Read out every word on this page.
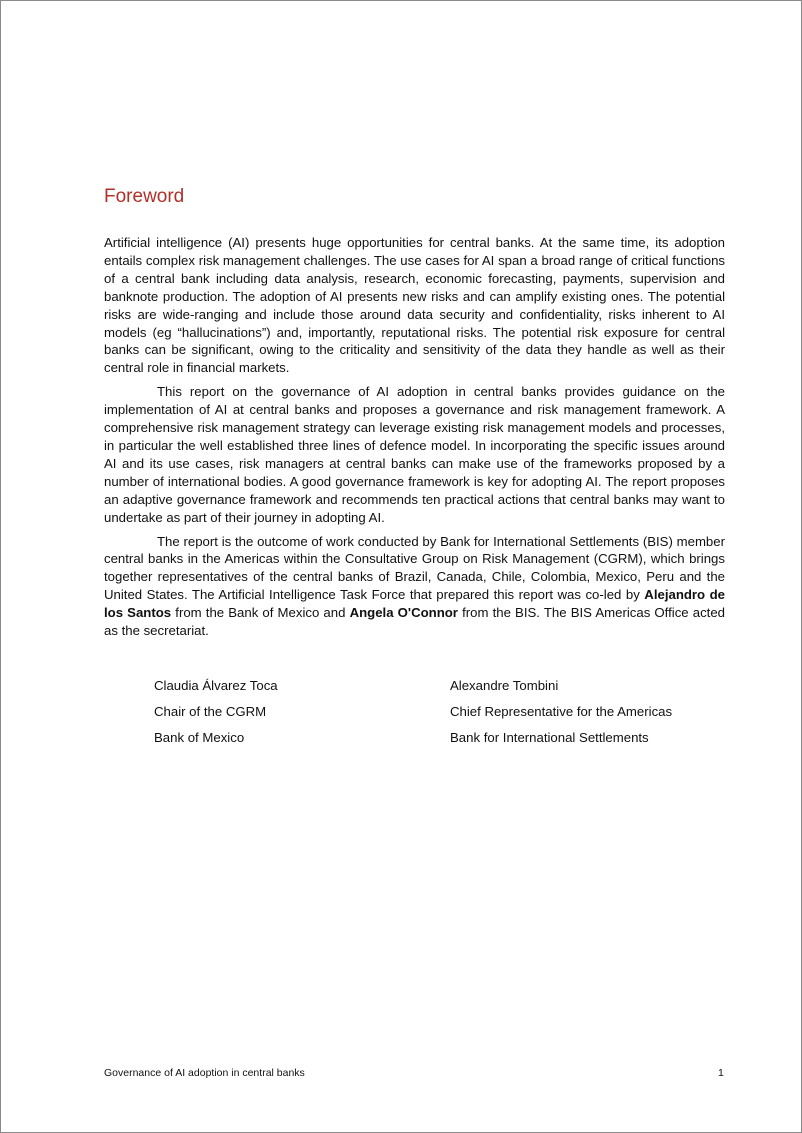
Foreword

Artificial intelligence (AI) presents huge opportunities for central banks. At the same time, its adoption entails complex risk management challenges. The use cases for AI span a broad range of critical functions of a central bank including data analysis, research, economic forecasting, payments, supervision and banknote production. The adoption of AI presents new risks and can amplify existing ones. The potential risks are wide-ranging and include those around data security and confidentiality, risks inherent to AI models (eg “hallucinations”) and, importantly, reputational risks. The potential risk exposure for central banks can be significant, owing to the criticality and sensitivity of the data they handle as well as their central role in financial markets.

This report on the governance of AI adoption in central banks provides guidance on the implementation of AI at central banks and proposes a governance and risk management framework. A comprehensive risk management strategy can leverage existing risk management models and processes, in particular the well established three lines of defence model. In incorporating the specific issues around AI and its use cases, risk managers at central banks can make use of the frameworks proposed by a number of international bodies. A good governance framework is key for adopting AI. The report proposes an adaptive governance framework and recommends ten practical actions that central banks may want to undertake as part of their journey in adopting AI.

The report is the outcome of work conducted by Bank for International Settlements (BIS) member central banks in the Americas within the Consultative Group on Risk Management (CGRM), which brings together representatives of the central banks of Brazil, Canada, Chile, Colombia, Mexico, Peru and the United States. The Artificial Intelligence Task Force that prepared this report was co-led by Alejandro de los Santos from the Bank of Mexico and Angela O'Connor from the BIS. The BIS Americas Office acted as the secretariat.

Claudia Álvarez Toca
Chair of the CGRM
Bank of Mexico
Alexandre Tombini
Chief Representative for the Americas
Bank for International Settlements
Governance of AI adoption in central banks	1
